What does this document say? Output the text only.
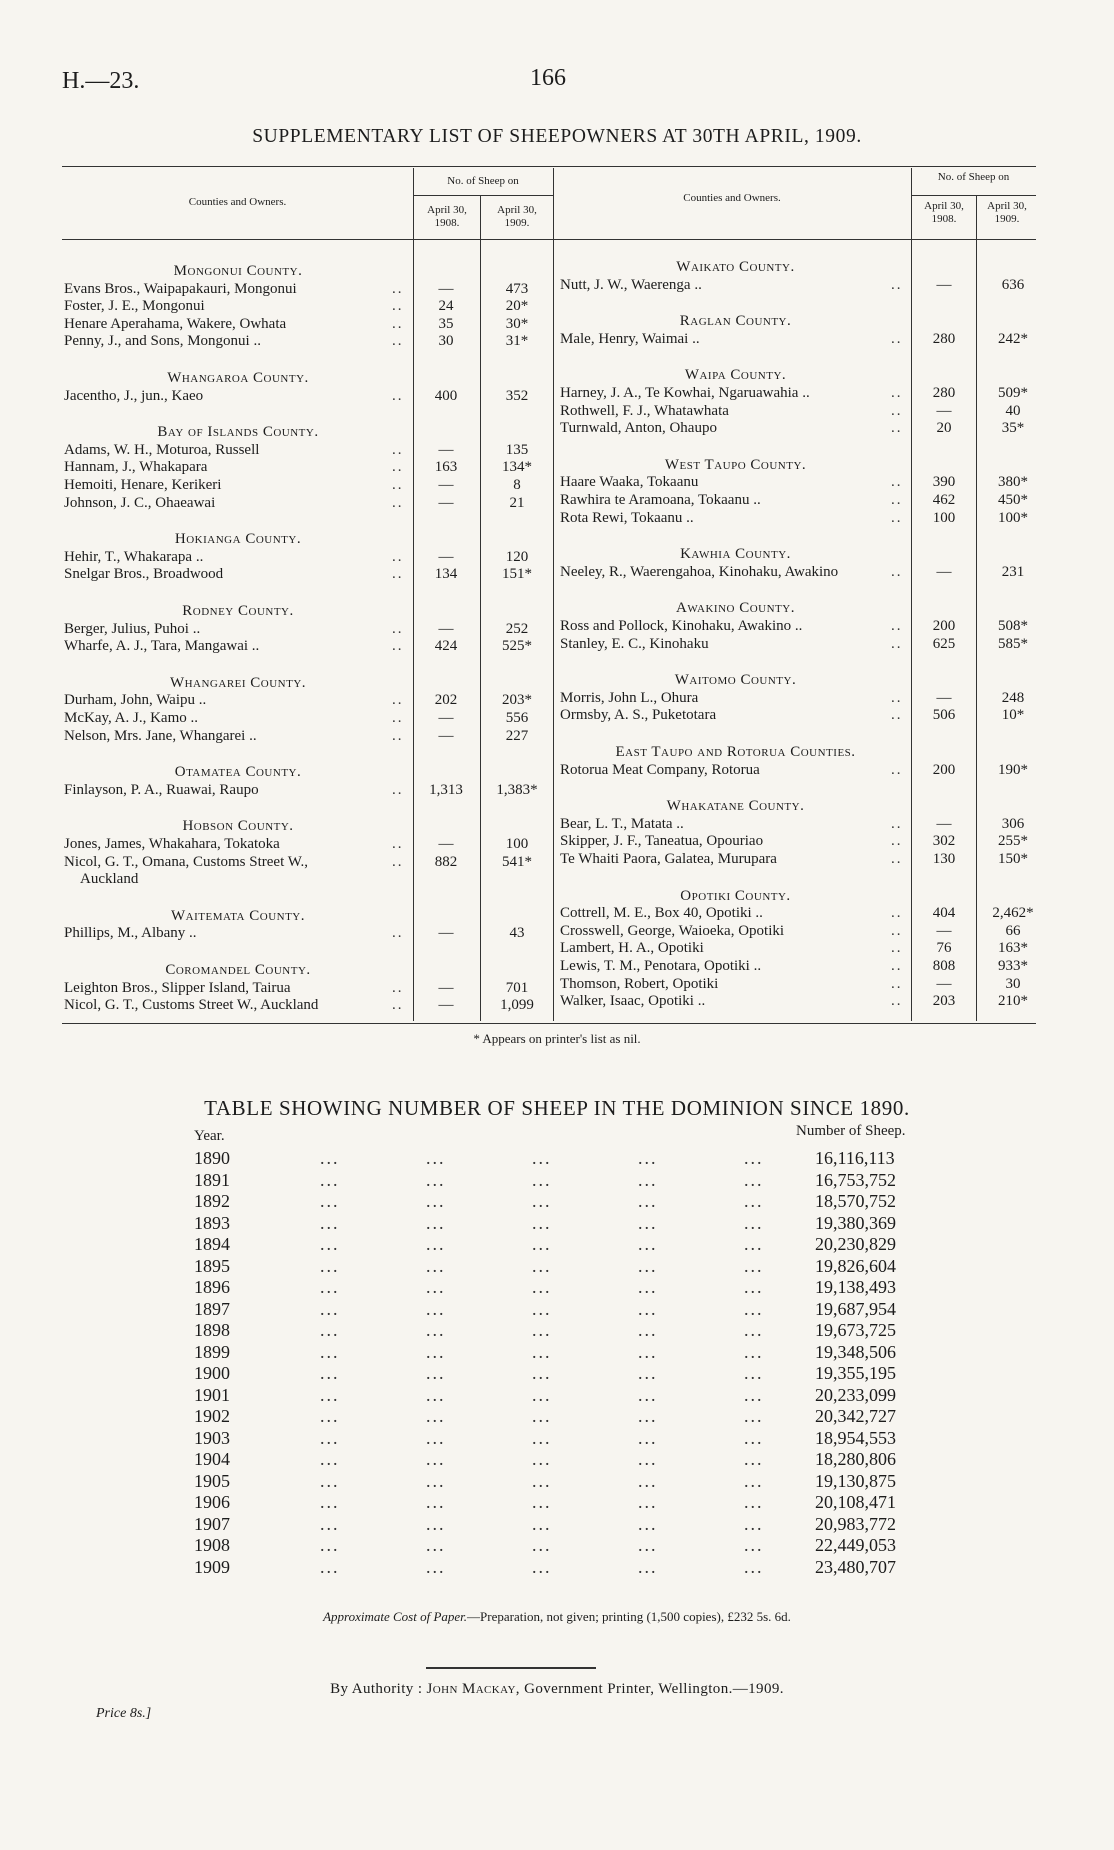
H.—23.	166
SUPPLEMENTARY LIST OF SHEEPOWNERS AT 30TH APRIL, 1909.
Counties and Owners.
No. of Sheep on
April 30, 1908.
April 30, 1909.
Counties and Owners.
No. of Sheep on
April 30, 1908.
April 30, 1909.
Mongonui County.
Evans Bros., Waipapakauri, Mongonui	..	—	473
Foster, J. E., Mongonui	..	24	20*
Henare Aperahama, Wakere, Owhata	..	35	30*
Penny, J., and Sons, Mongonui ..	..	30	31*
Whangaroa County.
Jacentho, J., jun., Kaeo	..	400	352
Bay of Islands County.
Adams, W. H., Moturoa, Russell	..	—	135
Hannam, J., Whakapara	..	163	134*
Hemoiti, Henare, Kerikeri	..	—	8
Johnson, J. C., Ohaeawai	..	—	21
Hokianga County.
Hehir, T., Whakarapa ..	..	—	120
Snelgar Bros., Broadwood	..	134	151*
Rodney County.
Berger, Julius, Puhoi ..	..	—	252
Wharfe, A. J., Tara, Mangawai ..	..	424	525*
Whangarei County.
Durham, John, Waipu ..	..	202	203*
McKay, A. J., Kamo ..	..	—	556
Nelson, Mrs. Jane, Whangarei ..	..	—	227
Otamatea County.
Finlayson, P. A., Ruawai, Raupo	..	1,313	1,383*
Hobson County.
Jones, James, Whakahara, Tokatoka	..	—	100
Nicol, G. T., Omana, Customs Street W.,	..	882	541*
Auckland
Waitemata County.
Phillips, M., Albany ..	..	—	43
Coromandel County.
Leighton Bros., Slipper Island, Tairua	..	—	701
Nicol, G. T., Customs Street W., Auckland	..	—	1,099
Waikato County.
Nutt, J. W., Waerenga ..	..	—	636
Raglan County.
Male, Henry, Waimai ..	..	280	242*
Waipa County.
Harney, J. A., Te Kowhai, Ngaruawahia ..	..	280	509*
Rothwell, F. J., Whatawhata	..	—	40
Turnwald, Anton, Ohaupo	..	20	35*
West Taupo County.
Haare Waaka, Tokaanu	..	390	380*
Rawhira te Aramoana, Tokaanu ..	..	462	450*
Rota Rewi, Tokaanu ..	..	100	100*
Kawhia County.
Neeley, R., Waerengahoa, Kinohaku, Awakino	..	—	231
Awakino County.
Ross and Pollock, Kinohaku, Awakino ..	..	200	508*
Stanley, E. C., Kinohaku	..	625	585*
Waitomo County.
Morris, John L., Ohura	..	—	248
Ormsby, A. S., Puketotara	..	506	10*
East Taupo and Rotorua Counties.
Rotorua Meat Company, Rotorua	..	200	190*
Whakatane County.
Bear, L. T., Matata ..	..	—	306
Skipper, J. F., Taneatua, Opouriao	..	302	255*
Te Whaiti Paora, Galatea, Murupara	..	130	150*
Opotiki County.
Cottrell, M. E., Box 40, Opotiki ..	..	404	2,462*
Crosswell, George, Waioeka, Opotiki	..	—	66
Lambert, H. A., Opotiki	..	76	163*
Lewis, T. M., Penotara, Opotiki ..	..	808	933*
Thomson, Robert, Opotiki	..	—	30
Walker, Isaac, Opotiki ..	..	203	210*
* Appears on printer's list as nil.
TABLE SHOWING NUMBER OF SHEEP IN THE DOMINION SINCE 1890.
Year.	Number of Sheep.
1890	... ... ... ... ...	16,116,113
1891	... ... ... ... ...	16,753,752
1892	... ... ... ... ...	18,570,752
1893	... ... ... ... ...	19,380,369
1894	... ... ... ... ...	20,230,829
1895	... ... ... ... ...	19,826,604
1896	... ... ... ... ...	19,138,493
1897	... ... ... ... ...	19,687,954
1898	... ... ... ... ...	19,673,725
1899	... ... ... ... ...	19,348,506
1900	... ... ... ... ...	19,355,195
1901	... ... ... ... ...	20,233,099
1902	... ... ... ... ...	20,342,727
1903	... ... ... ... ...	18,954,553
1904	... ... ... ... ...	18,280,806
1905	... ... ... ... ...	19,130,875
1906	... ... ... ... ...	20,108,471
1907	... ... ... ... ...	20,983,772
1908	... ... ... ... ...	22,449,053
1909	... ... ... ... ...	23,480,707
Approximate Cost of Paper.—Preparation, not given; printing (1,500 copies), £232 5s. 6d.
By Authority : John Mackay, Government Printer, Wellington.—1909.
Price 8s.]
